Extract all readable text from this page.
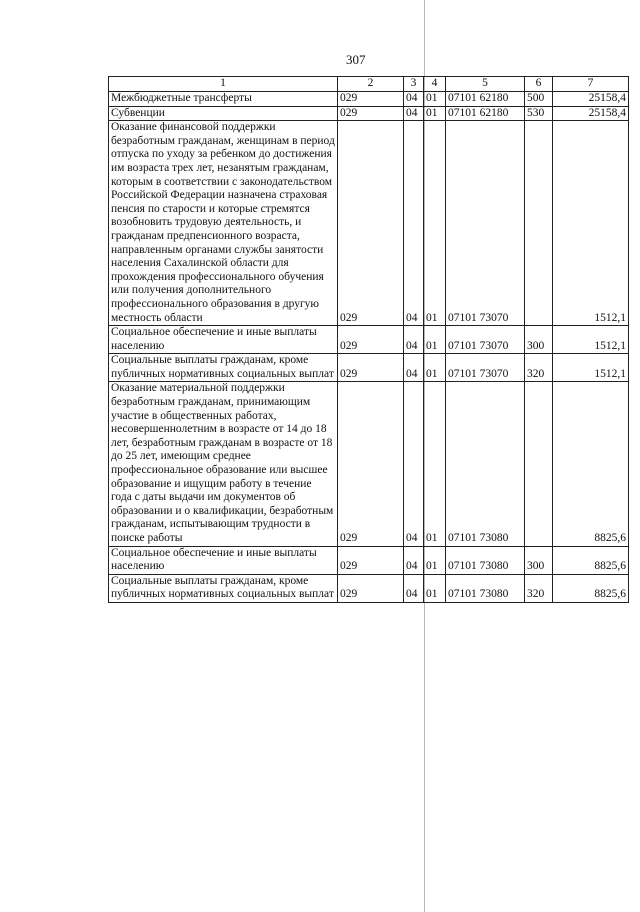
307
1	2	3	4	5	6	7
Межбюджетные трансферты	029	04	01	07101 62180	500	25158,4
Субвенции	029	04	01	07101 62180	530	25158,4
Оказание финансовой поддержки безработным гражданам, женщинам в период отпуска по уходу за ребенком до достижения им возраста трех лет, незанятым гражданам, которым в соответствии с законодательством Российской Федерации назначена страховая пенсия по старости и которые стремятся возобновить трудовую деятельность, и гражданам предпенсионного возраста, направленным органами службы занятости населения Сахалинской области для прохождения профессионального обучения или получения дополнительного профессионального образования в другую местность области	029	04	01	07101 73070		1512,1
Социальное обеспечение и иные выплаты населению	029	04	01	07101 73070	300	1512,1
Социальные выплаты гражданам, кроме публичных нормативных социальных выплат	029	04	01	07101 73070	320	1512,1
Оказание материальной поддержки безработным гражданам, принимающим участие в общественных работах, несовершеннолетним в возрасте от 14 до 18 лет, безработным гражданам в возрасте от 18 до 25 лет, имеющим среднее профессиональное образование или высшее образование и ищущим работу в течение года с даты выдачи им документов об образовании и о квалификации, безработным гражданам, испытывающим трудности в поиске работы	029	04	01	07101 73080		8825,6
Социальное обеспечение и иные выплаты населению	029	04	01	07101 73080	300	8825,6
Социальные выплаты гражданам, кроме публичных нормативных социальных выплат	029	04	01	07101 73080	320	8825,6
